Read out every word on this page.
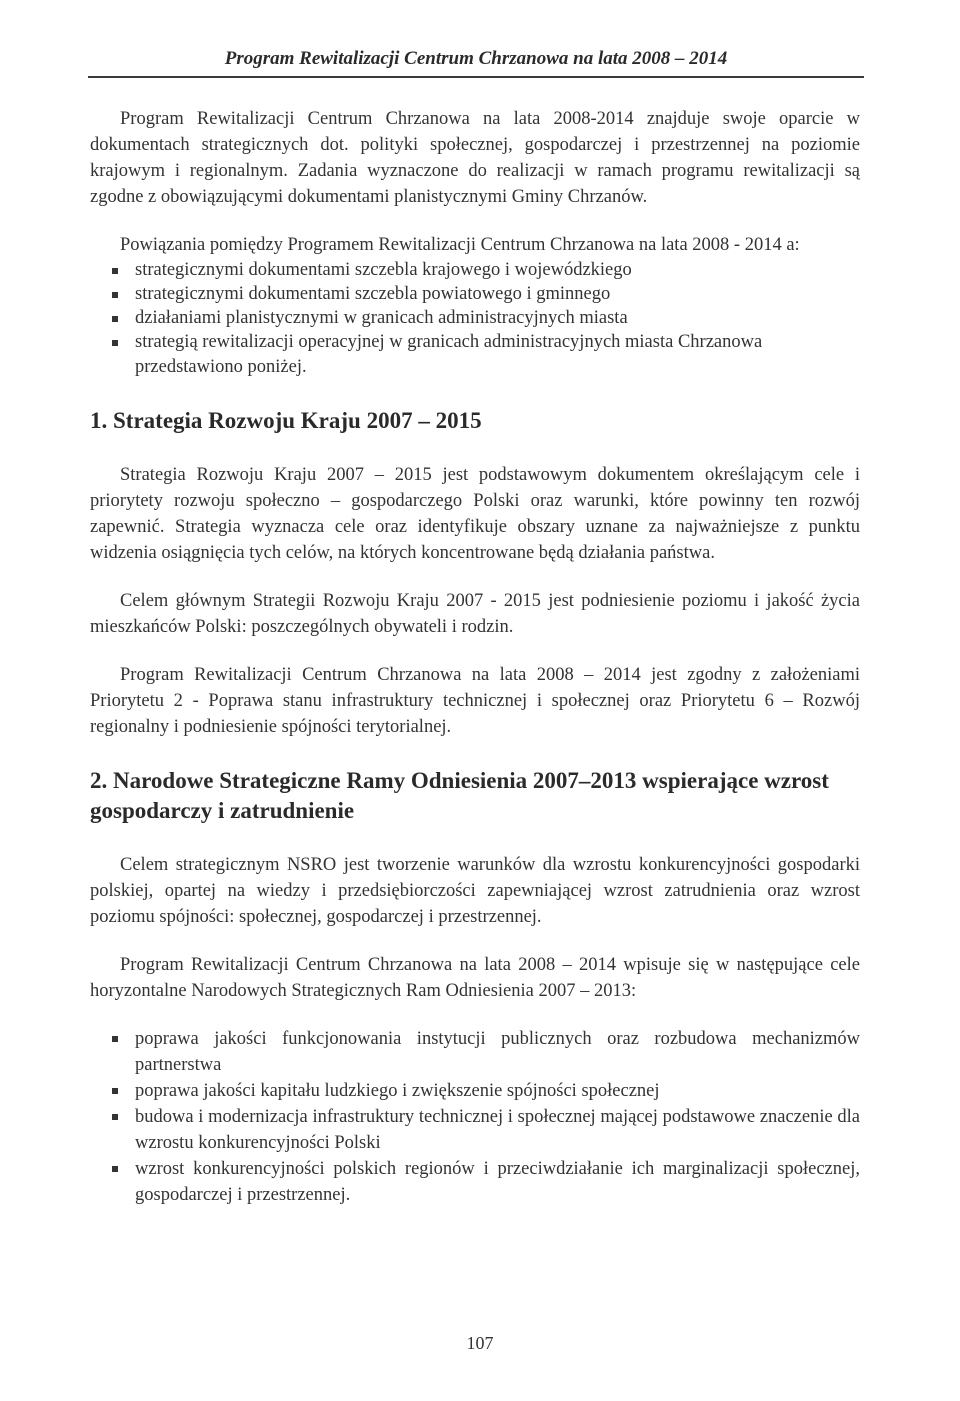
Program Rewitalizacji Centrum Chrzanowa na lata 2008 – 2014

Program Rewitalizacji Centrum Chrzanowa na lata 2008-2014 znajduje swoje oparcie w dokumentach strategicznych dot. polityki społecznej, gospodarczej i przestrzennej na poziomie krajowym i regionalnym. Zadania wyznaczone do realizacji w ramach programu rewitalizacji są zgodne z obowiązującymi dokumentami planistycznymi Gminy Chrzanów.

Powiązania pomiędzy Programem Rewitalizacji Centrum Chrzanowa na lata 2008 - 2014 a:

strategicznymi dokumentami szczebla krajowego i wojewódzkiego
strategicznymi dokumentami szczebla powiatowego i gminnego
działaniami planistycznymi w granicach administracyjnych miasta
strategią rewitalizacji operacyjnej w granicach administracyjnych miasta Chrzanowa
przedstawiono poniżej.
1. Strategia Rozwoju Kraju 2007 – 2015

Strategia Rozwoju Kraju 2007 – 2015 jest podstawowym dokumentem określającym cele i priorytety rozwoju społeczno – gospodarczego Polski oraz warunki, które powinny ten rozwój zapewnić. Strategia wyznacza cele oraz identyfikuje obszary uznane za najważniejsze z punktu widzenia osiągnięcia tych celów, na których koncentrowane będą działania państwa.

Celem głównym Strategii Rozwoju Kraju 2007 - 2015 jest podniesienie poziomu i jakość życia mieszkańców Polski: poszczególnych obywateli i rodzin.

Program Rewitalizacji Centrum Chrzanowa na lata 2008 – 2014 jest zgodny z założeniami Priorytetu 2 - Poprawa stanu infrastruktury technicznej i społecznej oraz Priorytetu 6 – Rozwój regionalny i podniesienie spójności terytorialnej.

2. Narodowe Strategiczne Ramy Odniesienia 2007–2013 wspierające wzrost gospodarczy i zatrudnienie

Celem strategicznym NSRO jest tworzenie warunków dla wzrostu konkurencyjności gospodarki polskiej, opartej na wiedzy i przedsiębiorczości zapewniającej wzrost zatrudnienia oraz wzrost poziomu spójności: społecznej, gospodarczej i przestrzennej.

Program Rewitalizacji Centrum Chrzanowa na lata 2008 – 2014 wpisuje się w następujące cele horyzontalne Narodowych Strategicznych Ram Odniesienia 2007 – 2013:

poprawa jakości funkcjonowania instytucji publicznych oraz rozbudowa mechanizmów partnerstwa
poprawa jakości kapitału ludzkiego i zwiększenie spójności społecznej
budowa i modernizacja infrastruktury technicznej i społecznej mającej podstawowe znaczenie dla wzrostu konkurencyjności Polski
wzrost konkurencyjności polskich regionów i przeciwdziałanie ich marginalizacji społecznej, gospodarczej i przestrzennej.
107
